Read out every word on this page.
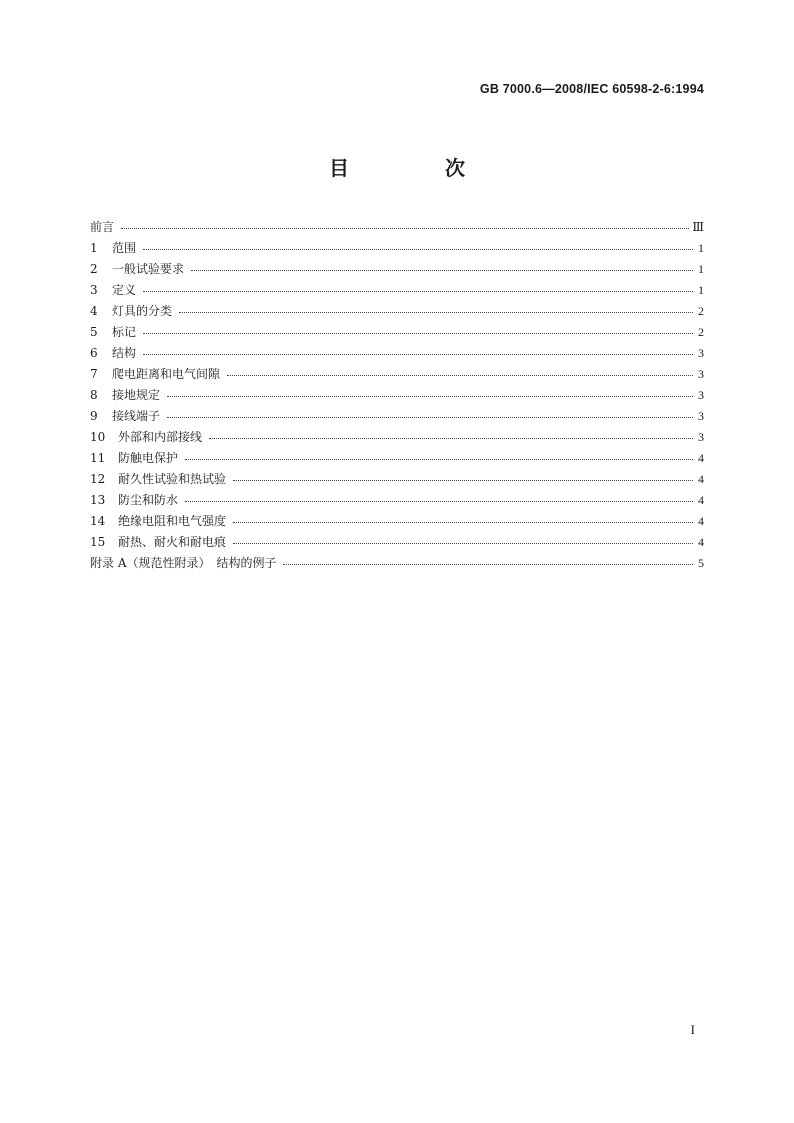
GB 7000.6—2008/IEC 60598-2-6:1994
目　次
前言	Ⅲ
1	范围	1
2	一般试验要求	1
3	定义	1
4	灯具的分类	2
5	标记	2
6	结构	3
7	爬电距离和电气间隙	3
8	接地规定	3
9	接线端子	3
10	外部和内部接线	3
11	防触电保护	4
12	耐久性试验和热试验	4
13	防尘和防水	4
14	绝缘电阻和电气强度	4
15	耐热、耐火和耐电痕	4
附录 A（规范性附录）　结构的例子	5
I
